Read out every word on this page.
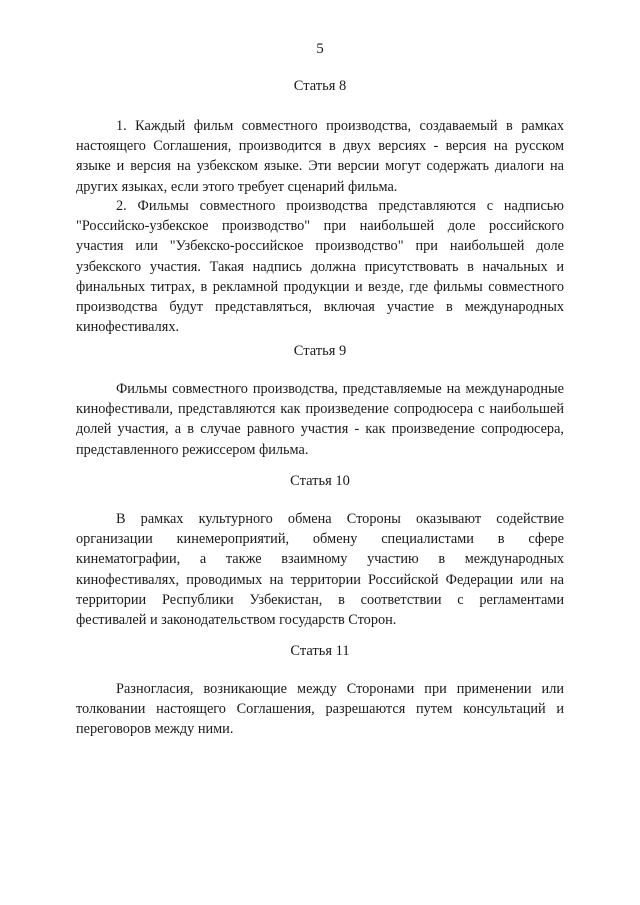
5
Статья 8

1. Каждый фильм совместного производства, создаваемый в рамках настоящего Соглашения, производится в двух версиях - версия на русском языке и версия на узбекском языке. Эти версии могут содержать диалоги на других языках, если этого требует сценарий фильма.

2. Фильмы совместного производства представляются с надписью "Российско-узбекское производство" при наибольшей доле российского участия или "Узбекско-российское производство" при наибольшей доле узбекского участия. Такая надпись должна присутствовать в начальных и финальных титрах, в рекламной продукции и везде, где фильмы совместного производства будут представляться, включая участие в международных кинофестивалях.

Статья 9

Фильмы совместного производства, представляемые на международные кинофестивали, представляются как произведение сопродюсера с наибольшей долей участия, а в случае равного участия - как произведение сопродюсера, представленного режиссером фильма.

Статья 10

В рамках культурного обмена Стороны оказывают содействие организации кинемероприятий, обмену специалистами в сфере кинематографии, а также взаимному участию в международных кинофестивалях, проводимых на территории Российской Федерации или на территории Республики Узбекистан, в соответствии с регламентами фестивалей и законодательством государств Сторон.

Статья 11

Разногласия, возникающие между Сторонами при применении или толковании настоящего Соглашения, разрешаются путем консультаций и переговоров между ними.
